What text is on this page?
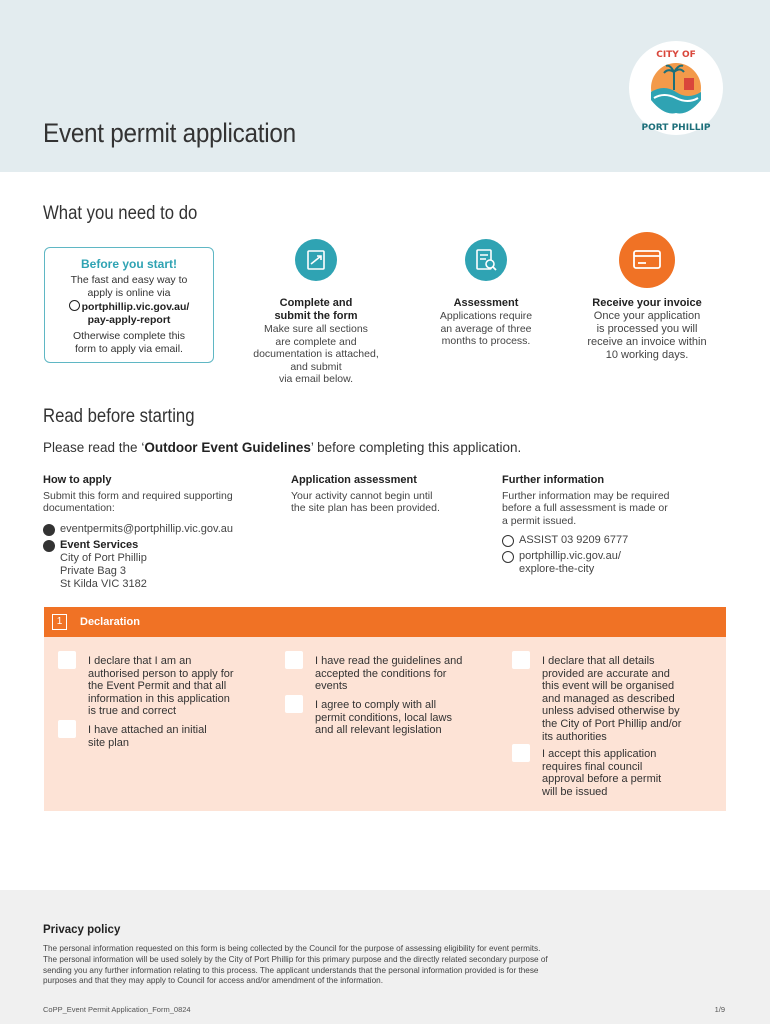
Event permit application
CITY OF
PORT PHILLIP
What you need to do
Before you start!
The fast and easy way to
apply is online via
portphillip.vic.gov.au/
pay-apply-report
Otherwise complete this
form to apply via email.
Complete and
submit the form
Make sure all sections
are complete and
documentation is attached,
and submit
via email below.
Assessment
Applications require
an average of three
months to process.
Receive your invoice
Once your application
is processed you will
receive an invoice within
10 working days.
Read before starting
Please read the ‘Outdoor Event Guidelines’ before completing this application.
How to apply
Submit this form and required supporting
documentation:
eventpermits@portphillip.vic.gov.au
Event Services
City of Port Phillip
Private Bag 3
St Kilda VIC 3182
Application assessment
Your activity cannot begin until
the site plan has been provided.
Further information
Further information may be required
before a full assessment is made or
a permit issued.
ASSIST 03 9209 6777
portphillip.vic.gov.au/
explore-the-city
1	Declaration
I declare that I am an
authorised person to apply for
the Event Permit and that all
information in this application
is true and correct
I have attached an initial
site plan
I have read the guidelines and
accepted the conditions for
events
I agree to comply with all
permit conditions, local laws
and all relevant legislation
I declare that all details
provided are accurate and
this event will be organised
and managed as described
unless advised otherwise by
the City of Port Phillip and/or
its authorities
I accept this application
requires final council
approval before a permit
will be issued
Privacy policy
The personal information requested on this form is being collected by the Council for the purpose of assessing eligibility for event permits.
The personal information will be used solely by the City of Port Phillip for this primary purpose and the directly related secondary purpose of
sending you any further information relating to this process. The applicant understands that the personal information provided is for these
purposes and that they may apply to Council for access and/or amendment of the information.
CoPP_Event Permit Application_Form_0824	1/9
